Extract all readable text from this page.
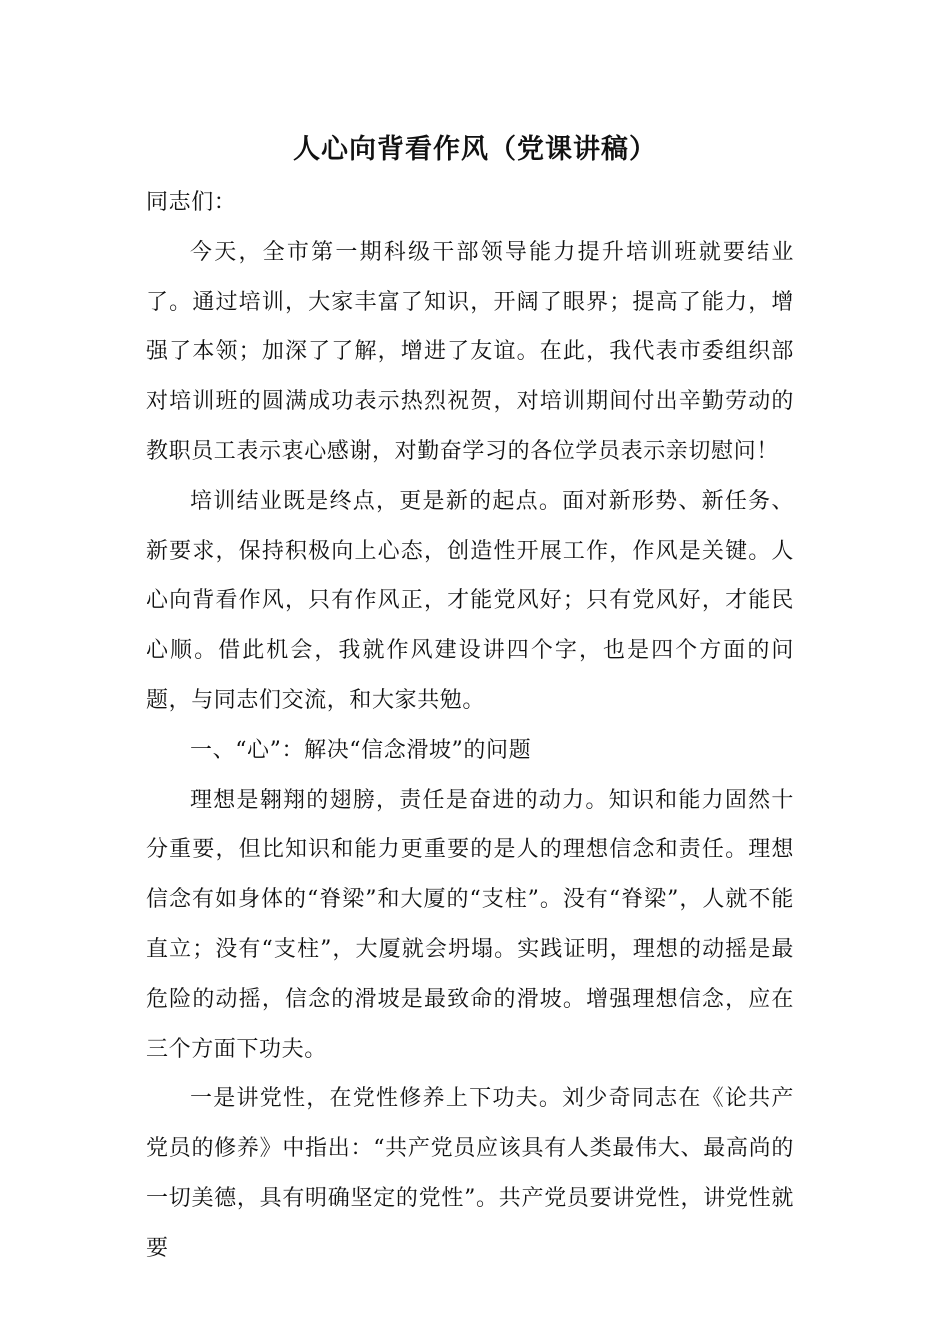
人心向背看作风（党课讲稿）

同志们：

今天，全市第一期科级干部领导能力提升培训班就要结业了。通过培训，大家丰富了知识，开阔了眼界；提高了能力，增强了本领；加深了了解，增进了友谊。在此，我代表市委组织部对培训班的圆满成功表示热烈祝贺，对培训期间付出辛勤劳动的教职员工表示衷心感谢，对勤奋学习的各位学员表示亲切慰问！

培训结业既是终点，更是新的起点。面对新形势、新任务、新要求，保持积极向上心态，创造性开展工作，作风是关键。人心向背看作风，只有作风正，才能党风好；只有党风好，才能民心顺。借此机会，我就作风建设讲四个字，也是四个方面的问题，与同志们交流，和大家共勉。

一、“心”：解决“信念滑坡”的问题

理想是翱翔的翅膀，责任是奋进的动力。知识和能力固然十分重要，但比知识和能力更重要的是人的理想信念和责任。理想信念有如身体的“脊梁”和大厦的“支柱”。没有“脊梁”，人就不能直立；没有“支柱”，大厦就会坍塌。实践证明，理想的动摇是最危险的动摇，信念的滑坡是最致命的滑坡。增强理想信念，应在三个方面下功夫。

一是讲党性，在党性修养上下功夫。刘少奇同志在《论共产党员的修养》中指出：“共产党员应该具有人类最伟大、最高尚的一切美德，具有明确坚定的党性”。共产党员要讲党性，讲党性就要
